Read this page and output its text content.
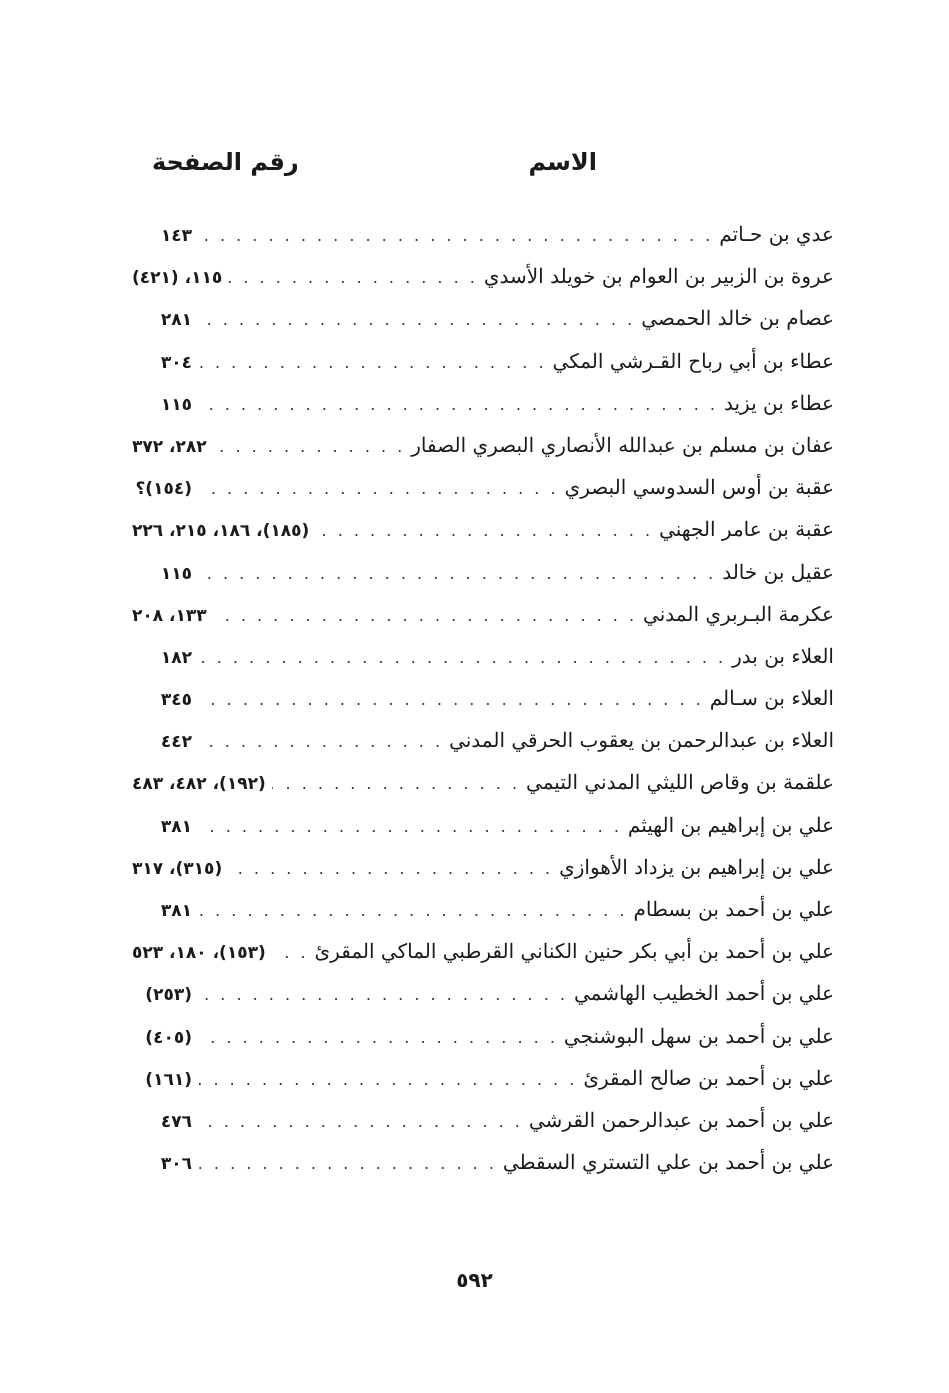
الاسم
رقم الصفحة
عدي بن حـاتم
. . .
١٤٣
عروة بن الزبير بن العوام بن خويلد الأسدي
. . .
١١٥، (٤٢١)
عصام بن خالد الحمصي
. . .
٢٨١
عطاء بن أبي رباح القـرشي المكي
. . .
٣٠٤
عطاء بن يزيد
. . .
١١٥
عفان بن مسلم بن عبدالله الأنصاري البصري الصفار
. . .
٢٨٢، ٣٧٢
عقبة بن أوس السدوسي البصري
. . .
(١٥٤)؟
عقبة بن عامر الجهني
. . .
(١٨٥)، ١٨٦، ٢١٥، ٢٢٦
عقيل بن خالد
. . .
١١٥
عكرمة البـربري المدني
. . .
١٣٣، ٢٠٨
العلاء بن بدر
. . .
١٨٢
العلاء بن سـالم
. . .
٣٤٥
العلاء بن عبدالرحمن بن يعقوب الحرقي المدني
. . .
٤٤٢
علقمة بن وقاص الليثي المدني التيمي
. . .
(١٩٢)، ٤٨٢، ٤٨٣
علي بن إبراهيم بن الهيثم
. . .
٣٨١
علي بن إبراهيم بن يزداد الأهوازي
. . .
(٣١٥)، ٣١٧
علي بن أحمد بن بسطام
. . .
٣٨١
علي بن أحمد بن أبي بكر حنين الكناني القرطبي الماكي المقرئ
. . .
(١٥٣)، ١٨٠، ٥٢٣
علي بن أحمد الخطيب الهاشمي
. . .
(٢٥٣)
علي بن أحمد بن سهل البوشنجي
. . .
(٤٠٥)
علي بن أحمد بن صالح المقرئ
. . .
(١٦١)
علي بن أحمد بن عبدالرحمن القرشي
. . .
٤٧٦
علي بن أحمد بن علي التستري السقطي
. . .
٣٠٦
٥٩٢
